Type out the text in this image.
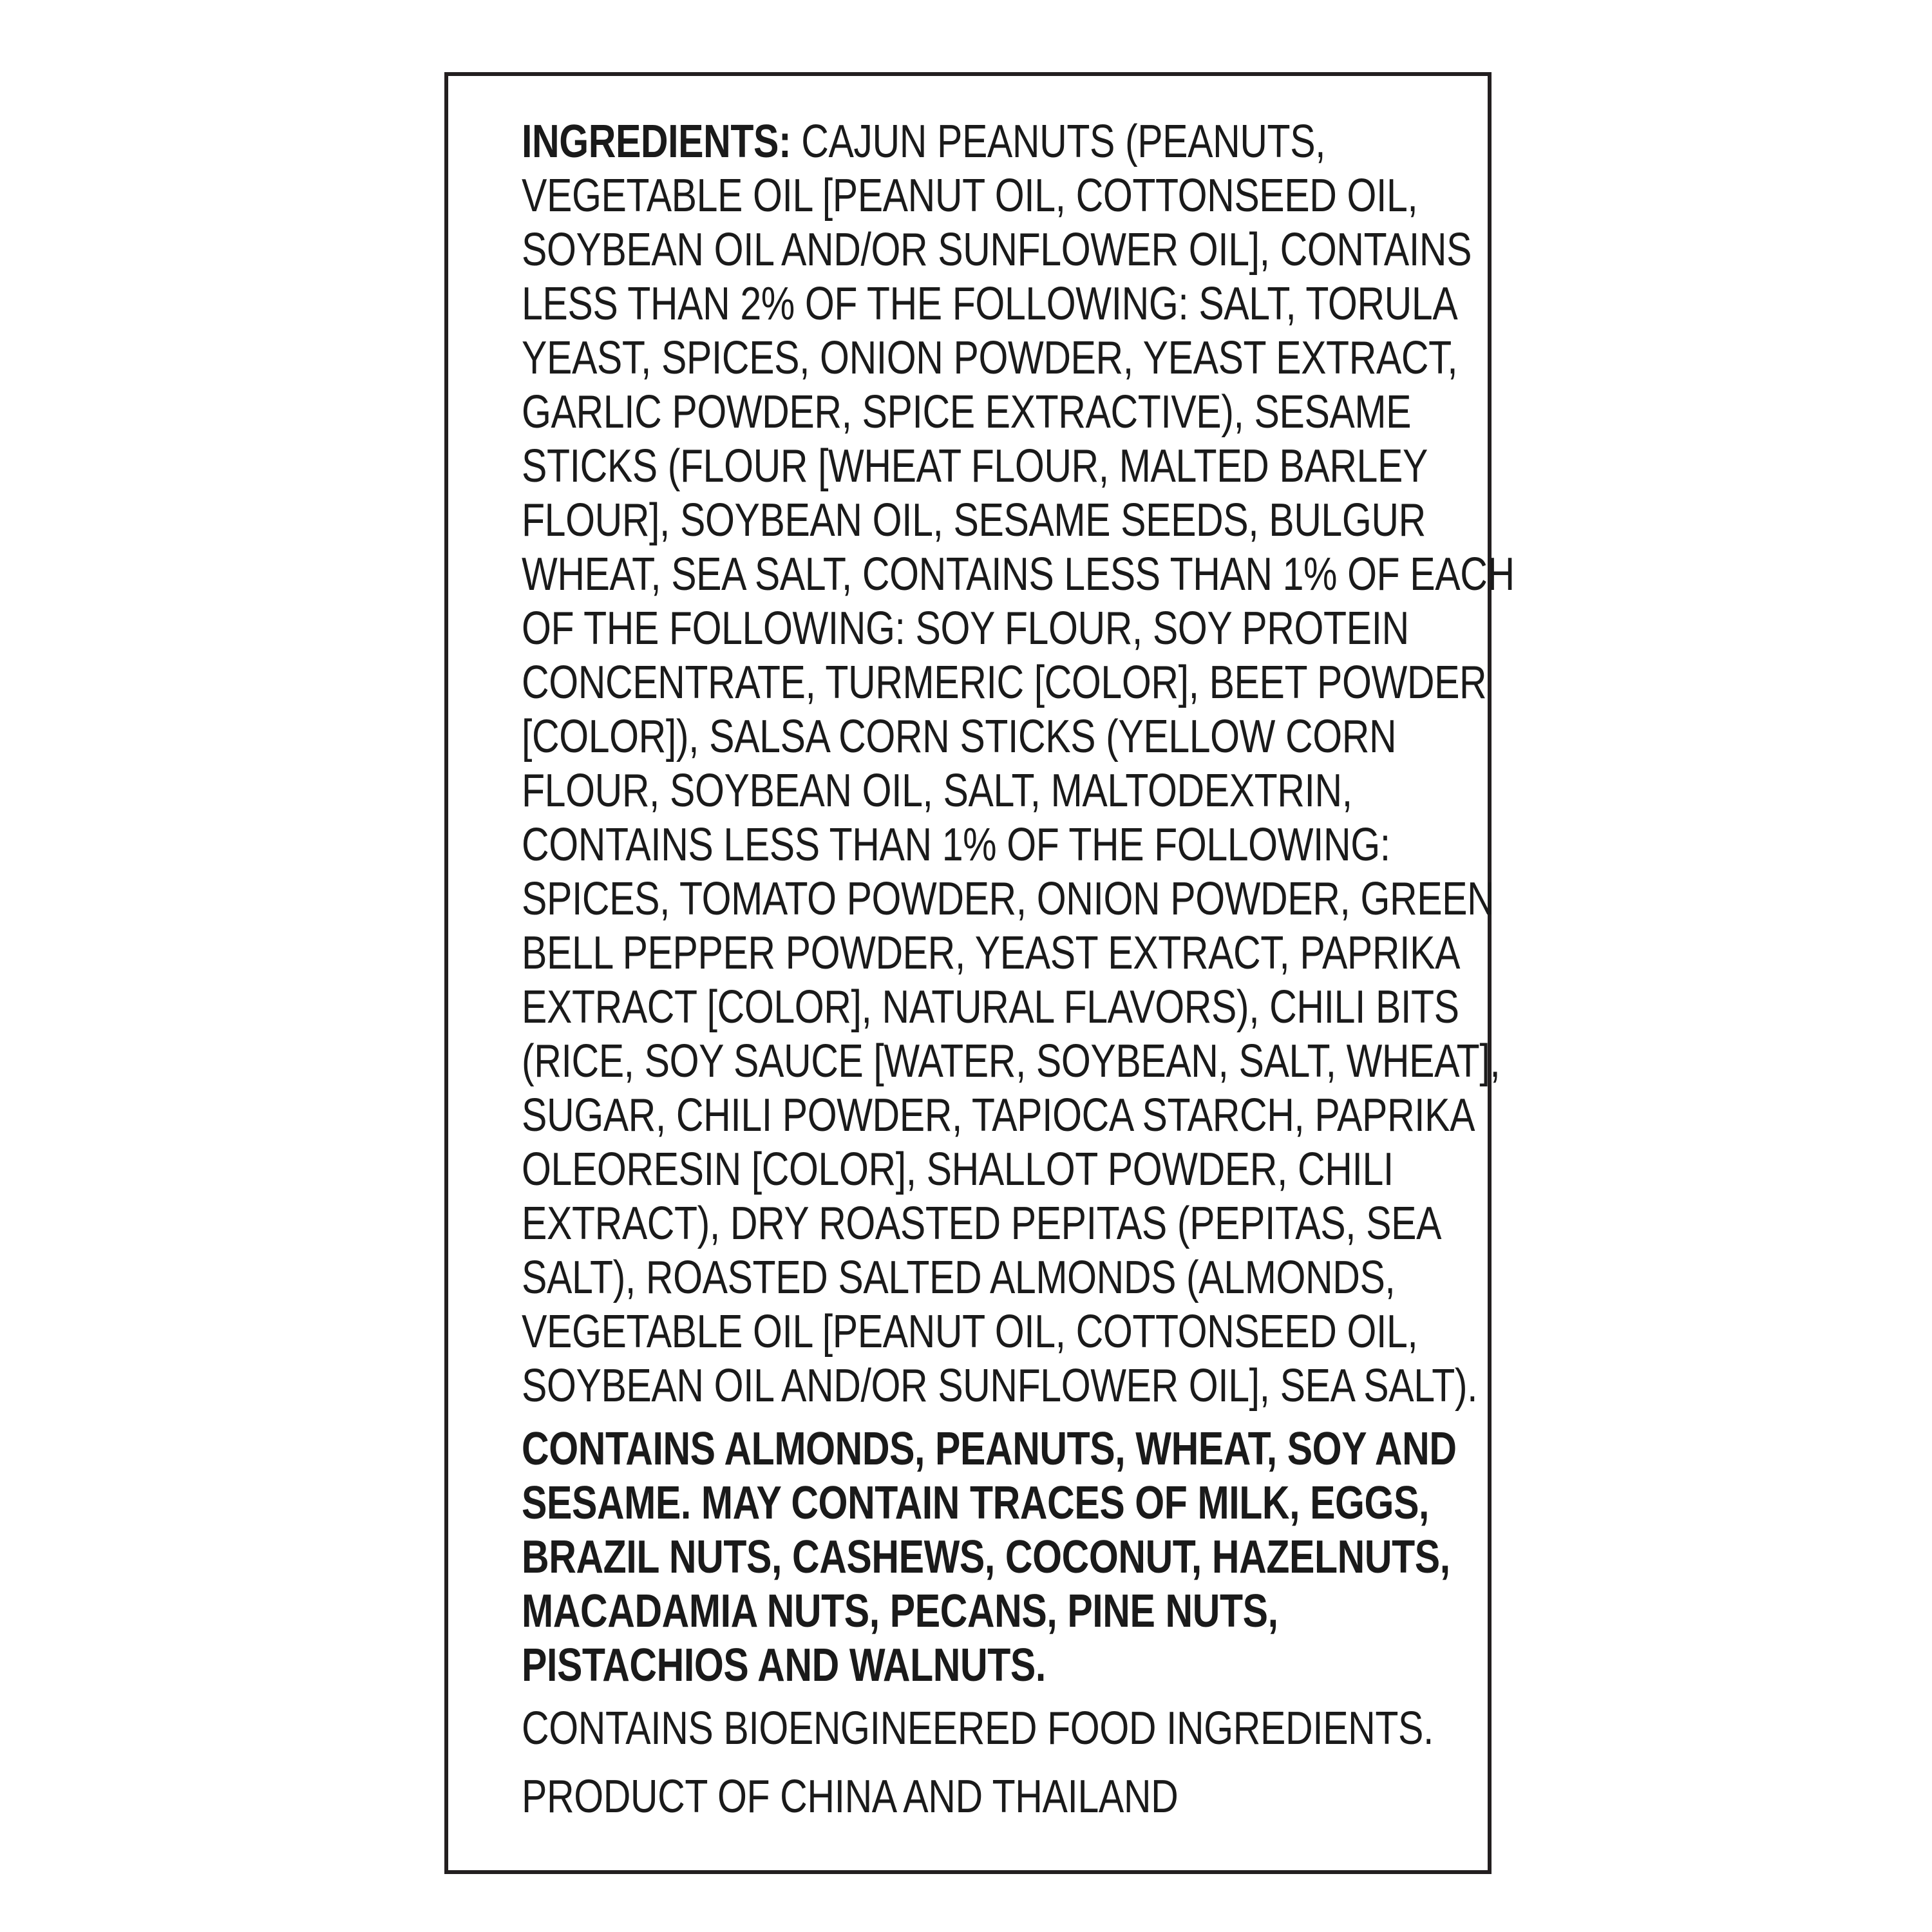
INGREDIENTS: CAJUN PEANUTS (PEANUTS,
VEGETABLE OIL [PEANUT OIL, COTTONSEED OIL,
SOYBEAN OIL AND/OR SUNFLOWER OIL], CONTAINS
LESS THAN 2% OF THE FOLLOWING: SALT, TORULA
YEAST, SPICES, ONION POWDER, YEAST EXTRACT,
GARLIC POWDER, SPICE EXTRACTIVE), SESAME
STICKS (FLOUR [WHEAT FLOUR, MALTED BARLEY
FLOUR], SOYBEAN OIL, SESAME SEEDS, BULGUR
WHEAT, SEA SALT, CONTAINS LESS THAN 1% OF EACH
OF THE FOLLOWING: SOY FLOUR, SOY PROTEIN
CONCENTRATE, TURMERIC [COLOR], BEET POWDER
[COLOR]), SALSA CORN STICKS (YELLOW CORN
FLOUR, SOYBEAN OIL, SALT, MALTODEXTRIN,
CONTAINS LESS THAN 1% OF THE FOLLOWING:
SPICES, TOMATO POWDER, ONION POWDER, GREEN
BELL PEPPER POWDER, YEAST EXTRACT, PAPRIKA
EXTRACT [COLOR], NATURAL FLAVORS), CHILI BITS
(RICE, SOY SAUCE [WATER, SOYBEAN, SALT, WHEAT],
SUGAR, CHILI POWDER, TAPIOCA STARCH, PAPRIKA
OLEORESIN [COLOR], SHALLOT POWDER, CHILI
EXTRACT), DRY ROASTED PEPITAS (PEPITAS, SEA
SALT), ROASTED SALTED ALMONDS (ALMONDS,
VEGETABLE OIL [PEANUT OIL, COTTONSEED OIL,
SOYBEAN OIL AND/OR SUNFLOWER OIL], SEA SALT).
CONTAINS ALMONDS, PEANUTS, WHEAT, SOY AND
SESAME. MAY CONTAIN TRACES OF MILK, EGGS,
BRAZIL NUTS, CASHEWS, COCONUT, HAZELNUTS,
MACADAMIA NUTS, PECANS, PINE NUTS,
PISTACHIOS AND WALNUTS.
CONTAINS BIOENGINEERED FOOD INGREDIENTS.
PRODUCT OF CHINA AND THAILAND
